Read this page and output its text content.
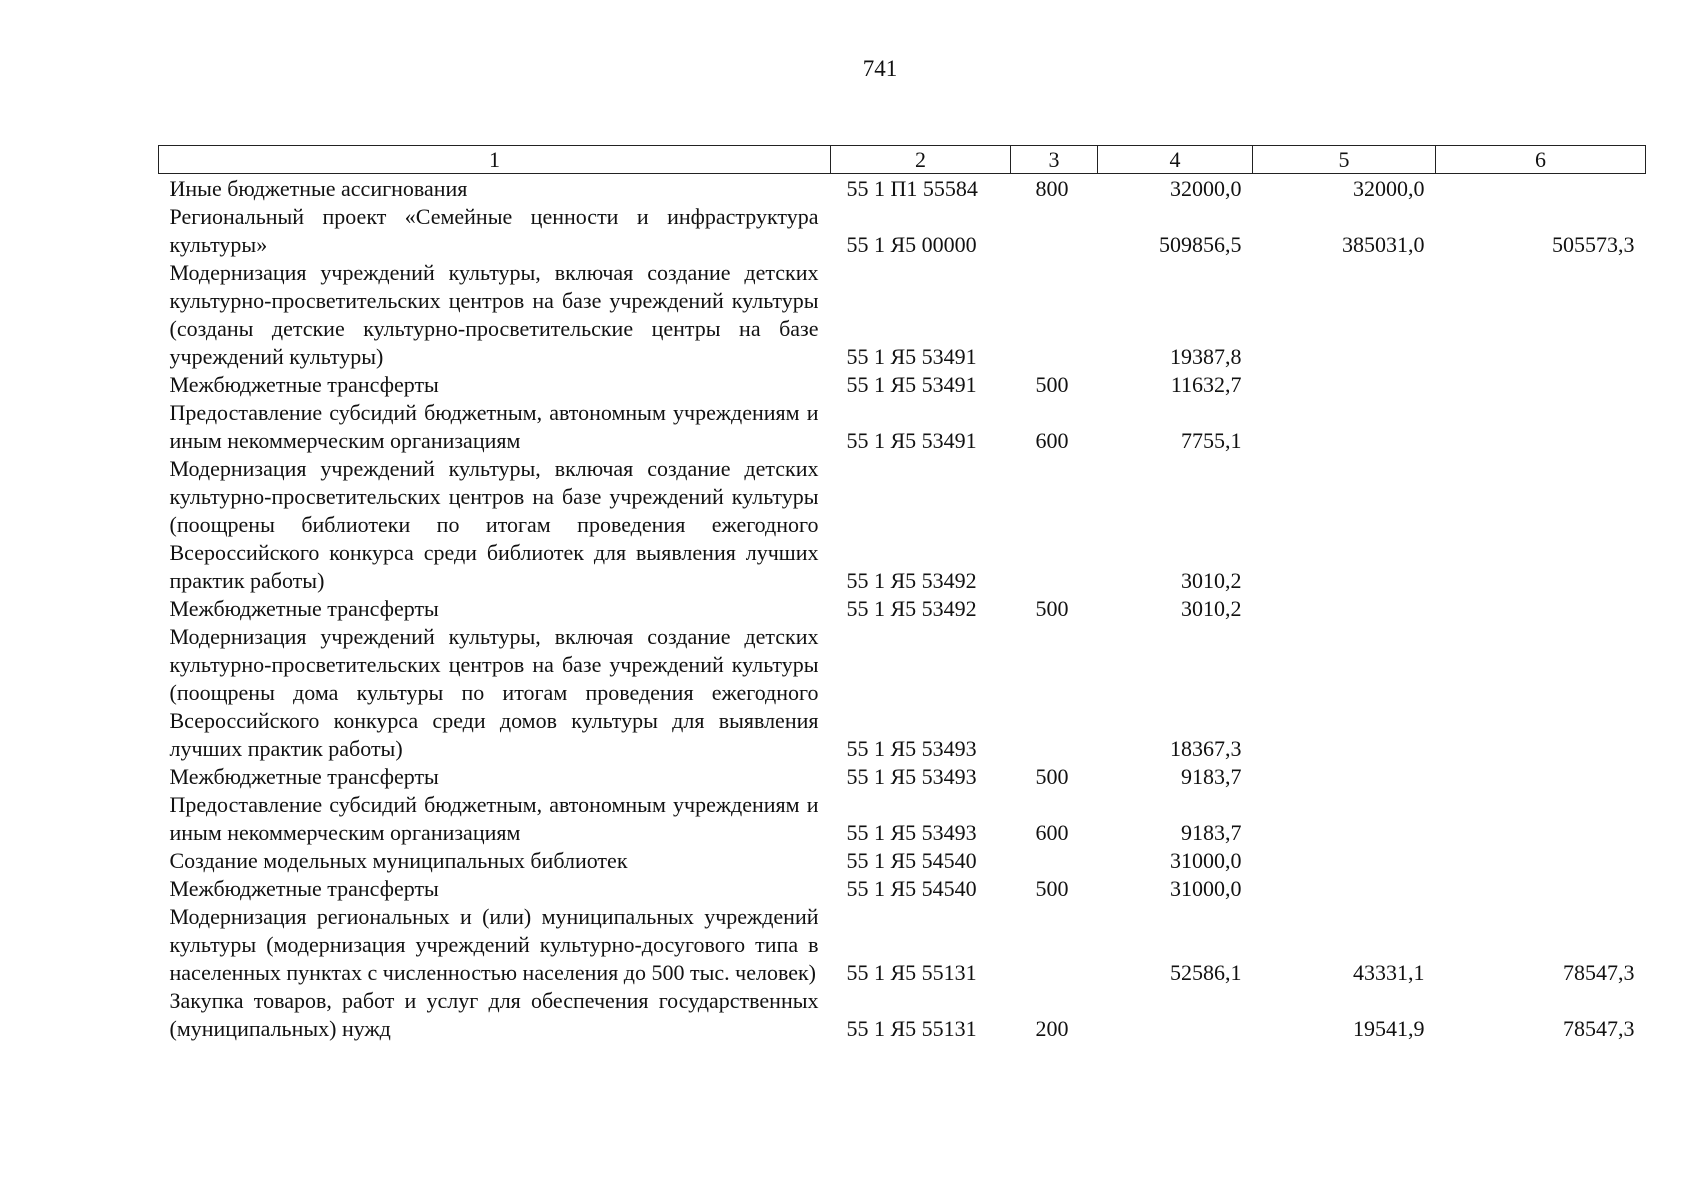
741
1	2	3	4	5	6
Иные бюджетные ассигнования	55 1 П1 55584	800	32000,0	32000,0	
Региональный проект «Семейные ценности и инфраструктура культуры»	55 1 Я5 00000		509856,5	385031,0	505573,3
Модернизация учреждений культуры, включая создание детских культурно-просветительских центров на базе учреждений культуры (созданы детские культурно-просветительские центры на базе учреждений культуры)	55 1 Я5 53491		19387,8		
Межбюджетные трансферты	55 1 Я5 53491	500	11632,7		
Предоставление субсидий бюджетным, автономным учреждениям и иным некоммерческим организациям	55 1 Я5 53491	600	7755,1		
Модернизация учреждений культуры, включая создание детских культурно-просветительских центров на базе учреждений культуры (поощрены библиотеки по итогам проведения ежегодного Всероссийского конкурса среди библиотек для выявления лучших практик работы)	55 1 Я5 53492		3010,2		
Межбюджетные трансферты	55 1 Я5 53492	500	3010,2		
Модернизация учреждений культуры, включая создание детских культурно-просветительских центров на базе учреждений культуры (поощрены дома культуры по итогам проведения ежегодного Всероссийского конкурса среди домов культуры для выявления лучших практик работы)	55 1 Я5 53493		18367,3		
Межбюджетные трансферты	55 1 Я5 53493	500	9183,7		
Предоставление субсидий бюджетным, автономным учреждениям и иным некоммерческим организациям	55 1 Я5 53493	600	9183,7		
Создание модельных муниципальных библиотек	55 1 Я5 54540		31000,0		
Межбюджетные трансферты	55 1 Я5 54540	500	31000,0		
Модернизация региональных и (или) муниципальных учреждений культуры (модернизация учреждений культурно-досугового типа в населенных пунктах с численностью населения до 500 тыс. человек)	55 1 Я5 55131		52586,1	43331,1	78547,3
Закупка товаров, работ и услуг для обеспечения государственных (муниципальных) нужд	55 1 Я5 55131	200		19541,9	78547,3
